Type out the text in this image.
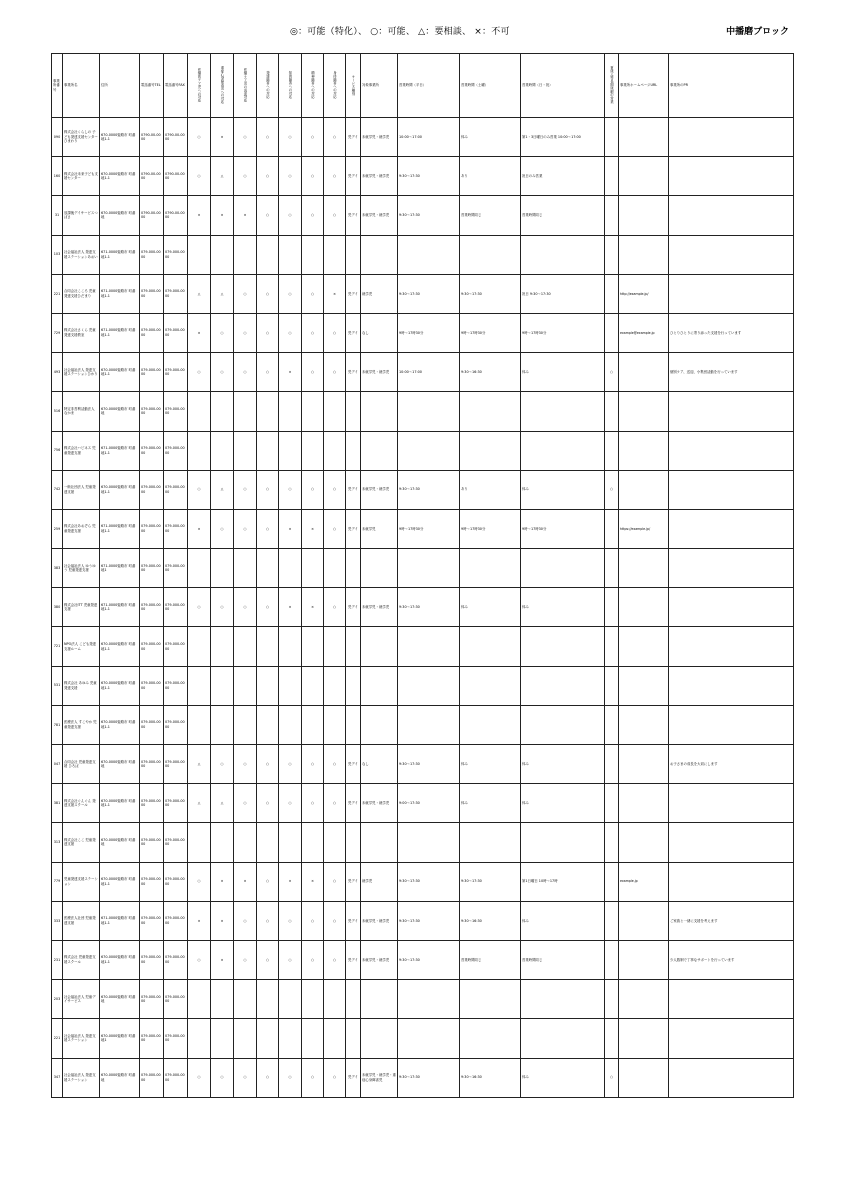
◎：可能（特化）、 ○：可能、 △：要相談、 ×：不可	中播磨ブロック
事業所番号	事業所名	住所	電話番号TEL	電話番号FAX	医療的ケア児への対応	重症心身障害児への対応	医療ケア児の送迎対応	発達障害への対応	知的障害への対応	精神障害への対応	身体障害への対応	サービス種別	対象事業所	営業時間（平日）	営業時間（土曜）	営業時間（日・祝）	夏休み等長期休暇の営業	事業所ホームページURL	事業所のPR
090	株式会社くらしの 子ども発達支援センターひまわり	670-0000姫路市 町番地1-1	0790-00-0000	0790-00-0000	○	×	○	○	○	○	○	児デイ	未就学児・就学児	10:00〜17:00	休み	第1・3日曜日のみ営業 10:00〜17:00			
160	株式会社未来子ども支援センター	670-0000姫路市 町番地1-1	0790-00-0000	0790-00-0000	○	△	○	○	○	○	○	児デイ	未就学児・就学児	9:30〜17:30	あり	祝日のみ営業			
31	放課後デイサービスつばさ	670-0000姫路市 町番地	0790-00-0000	0790-00-0000	×	×	×	○	○	○	○	児デイ	未就学児・就学児	9:30〜17:30	営業時間同じ	営業時間同じ			
103	社会福祉法人 発達支援ステーションあおい	671-0000姫路市 町番地1-1	079-000-0000	079-000-0000															
221	合同会社こころ 児童発達支援ひだまり	671-0000姫路市 町番地1-1	079-000-0000	079-000-0000	△	△	○	○	○	○	×	児デイ	就学児	9:30〜17:30	9:30〜17:30	祝日 9:30〜17:30		http://example.jp/	
729	株式会社さくら 児童発達支援教室	671-0000姫路市 町番地1-1	079-000-0000	079-000-0000	×	○	○	○	○	○	○	児デイ	なし	9時〜17時30分	9時〜17時30分	9時〜17時30分		example@example.jp	ひとりひとりに寄り添った支援を行っています
493	社会福祉法人 発達支援ステーションひかり	670-0000姫路市 町番地1-1	079-000-0000	079-000-0000	○	○	○	○	×	○	○	児デイ	未就学児・就学児	10:00〜17:00	9:30〜16:30	休み	○		個別ケア、送迎、小集団活動を行っています
516	特定非営利活動法人 なかま	670-0000姫路市 町番地	079-000-0000	079-000-0000															
756	株式会社ハピネス 児童発達支援	671-0000姫路市 町番地1-1	079-000-0000	079-000-0000															
742	一般社団法人 児童発達支援	670-0000姫路市 町番地1-1	079-000-0000	079-000-0000	○	△	○	○	○	○	○	児デイ	未就学児・就学児	9:30〜17:30	あり	休み	○		
259	株式会社あおぞら 児童発達支援	671-0000姫路市 町番地1-1	079-000-0000	079-000-0000	×	○	○	○	×	×	○	児デイ	未就学児	9時〜17時30分	9時〜17時30分	9時〜17時30分		https://example.jp/	
383	社会福祉法人 ゆうゆう 児童発達支援	671-0000姫路市 町番地1	079-000-0000	079-000-0000															
380	株式会社ITT 児童発達支援	671-0000姫路市 町番地1-1	079-000-0000	079-000-0000	○	○	○	○	×	×	○	児デイ	未就学児・就学児	9:30〜17:30	休み	休み			
721	NPO法人 こども発達支援ルーム	670-0000姫路市 町番地1-1	079-000-0000	079-000-0000															
531	株式会社 あゆみ 児童発達支援	670-0000姫路市 町番地1-1	079-000-0000	079-000-0000															
781	医療法人 すこやか 児童発達支援	670-0000姫路市 町番地1-1	079-000-0000	079-000-0000															
047	合同会社 児童発達支援 ひろば	670-0000姫路市 町番地	079-000-0000	079-000-0000	△	○	○	○	○	○	○	児デイ	なし	9:30〜17:30	休み	休み			お子さまの成長を大切にします
381	株式会社ぐんぐん 発達支援スクール	670-0000姫路市 町番地1-1	079-000-0000	079-000-0000	△	△	○	○	○	○	○	児デイ	未就学児・就学児	9:00〜17:30	休み	休み			
313	株式会社ここ 児童発達支援	670-0000姫路市 町番地	079-000-0000	079-000-0000															
779	児童発達支援ステーション	670-0000姫路市 町番地1-1	079-000-0000	079-000-0000	○	×	×	○	×	×	○	児デイ	就学児	9:30〜17:30	9:30〜17:30	第1日曜日 10時〜17時		example.jp	
333	医療法人社団 児童発達支援	671-0000姫路市 町番地1-1	079-000-0000	079-000-0000	×	×	○	○	○	○	○	児デイ	未就学児・就学児	9:30〜17:30	9:30〜16:30	休み			ご家族と一緒に支援を考えます
231	株式会社 児童発達支援スクール	670-0000姫路市 町番地1-1	079-000-0000	079-000-0000	○	×	○	○	○	○	○	児デイ	未就学児・就学児	9:30〜17:30	営業時間同じ	営業時間同じ			少人数制で丁寧なサポートを行っています
203	社会福祉法人 児童デイサービス	670-0000姫路市 町番地	079-000-0000	079-000-0000															
221	社会福祉法人 発達支援ステーション	670-0000姫路市 町番地1	079-000-0000	079-000-0000															
347	社会福祉法人 発達支援ステーション	670-0000姫路市 町番地	079-000-0000	079-000-0000	○	○	○	○	○	○	○	児デイ	未就学児・就学児・重症心身障害児	9:30〜17:30	9:30〜16:30	休み	○		
